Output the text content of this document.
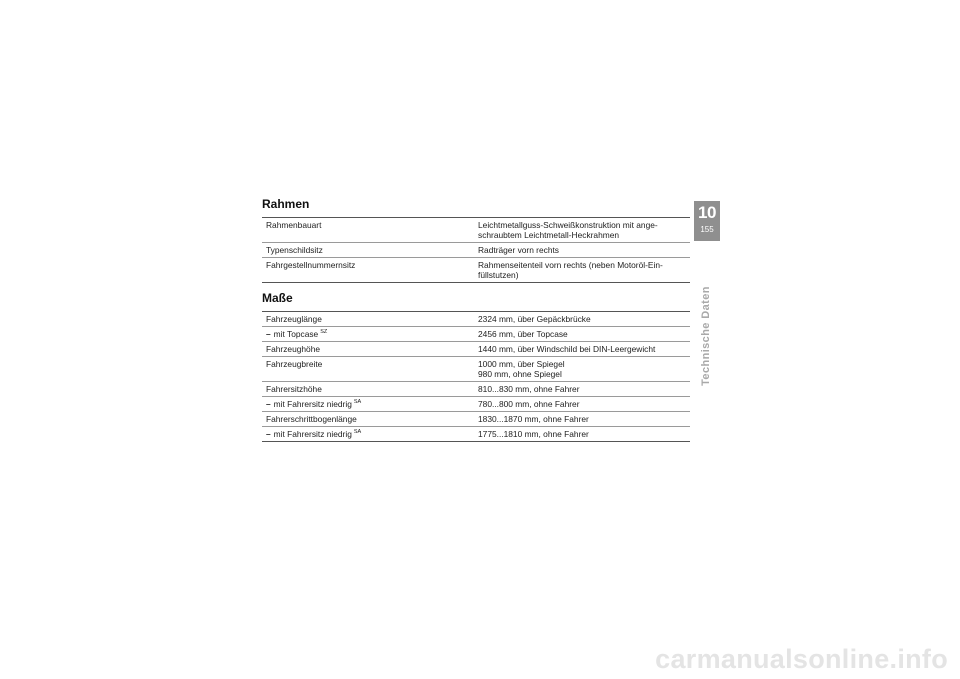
Rahmen
Rahmenbauart	Leichtmetallguss-Schweißkonstruktion mit ange-
schraubtem Leichtmetall-Heckrahmen

Typenschildsitz	Radträger vorn rechts

Fahrgestellnummernsitz	Rahmenseitenteil vorn rechts (neben Motoröl-Ein-
füllstutzen)
Maße
Fahrzeuglänge	2324 mm, über Gepäckbrücke

– mit Topcase $^{SZ}$	2456 mm, über Topcase

Fahrzeughöhe	1440 mm, über Windschild bei DIN-Leergewicht

Fahrzeugbreite	1000 mm, über Spiegel
980 mm, ohne Spiegel

Fahrersitzhöhe	810...830 mm, ohne Fahrer

– mit Fahrersitz niedrig $^{SA}$	780...800 mm, ohne Fahrer

Fahrerschrittbogenlänge	1830...1870 mm, ohne Fahrer

– mit Fahrersitz niedrig $^{SA}$	1775...1810 mm, ohne Fahrer
10
155
Technische Daten
carmanualsonline.info
